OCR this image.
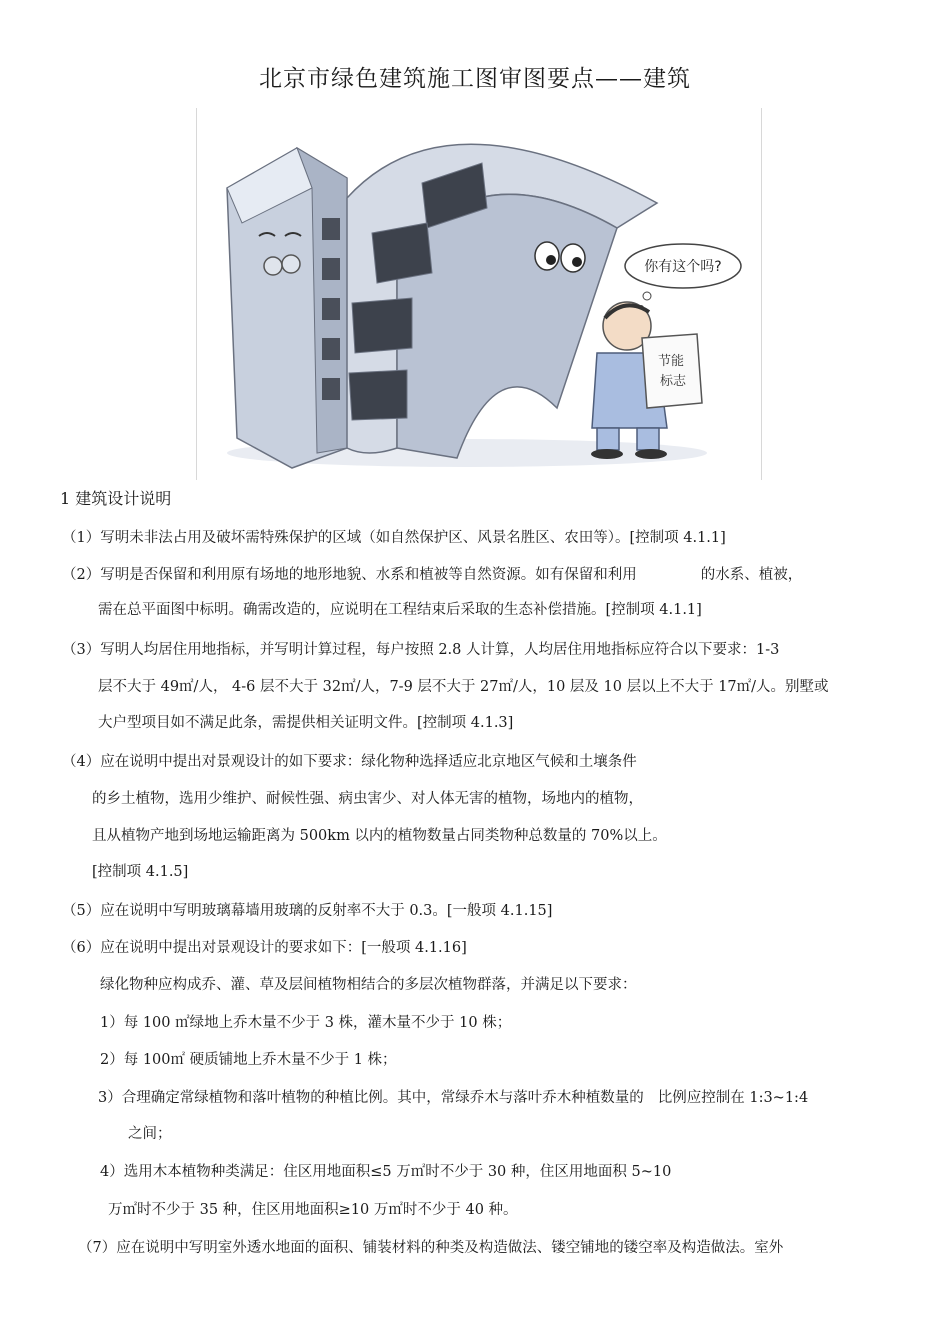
北京市绿色建筑施工图审图要点——建筑
你有这个吗?
节能
标志
1 建筑设计说明
（1）写明未非法占用及破坏需特殊保护的区域（如自然保护区、风景名胜区、农田等）。[控制项 4.1.1]
（2）写明是否保留和利用原有场地的地形地貌、水系和植被等自然资源。如有保留和利用	的水系、植被，
需在总平面图中标明。确需改造的，应说明在工程结束后采取的生态补偿措施。[控制项 4.1.1]
（3）写明人均居住用地指标，并写明计算过程，每户按照 2.8 人计算，人均居住用地指标应符合以下要求：1-3
层不大于 49㎡/人， 4-6 层不大于 32㎡/人，7-9 层不大于 27㎡/人，10 层及 10 层以上不大于 17㎡/人。别墅或
大户型项目如不满足此条，需提供相关证明文件。[控制项 4.1.3]
（4）应在说明中提出对景观设计的如下要求：绿化物种选择适应北京地区气候和土壤条件
的乡土植物，选用少维护、耐候性强、病虫害少、对人体无害的植物，场地内的植物，
且从植物产地到场地运输距离为 500km 以内的植物数量占同类物种总数量的 70%以上。
[控制项 4.1.5]
（5）应在说明中写明玻璃幕墙用玻璃的反射率不大于 0.3。[一般项 4.1.15]
（6）应在说明中提出对景观设计的要求如下：[一般项 4.1.16]
绿化物种应构成乔、灌、草及层间植物相结合的多层次植物群落，并满足以下要求：
1）每 100 ㎡绿地上乔木量不少于 3 株，灌木量不少于 10 株；
2）每 100㎡ 硬质铺地上乔木量不少于 1 株；
3）合理确定常绿植物和落叶植物的种植比例。其中，常绿乔木与落叶乔木种植数量的 比例应控制在 1:3~1:4
之间；
4）选用木本植物种类满足：住区用地面积≤5 万㎡时不少于 30 种，住区用地面积 5~10
万㎡时不少于 35 种，住区用地面积≥10 万㎡时不少于 40 种。
（7）应在说明中写明室外透水地面的面积、铺装材料的种类及构造做法、镂空铺地的镂空率及构造做法。室外
